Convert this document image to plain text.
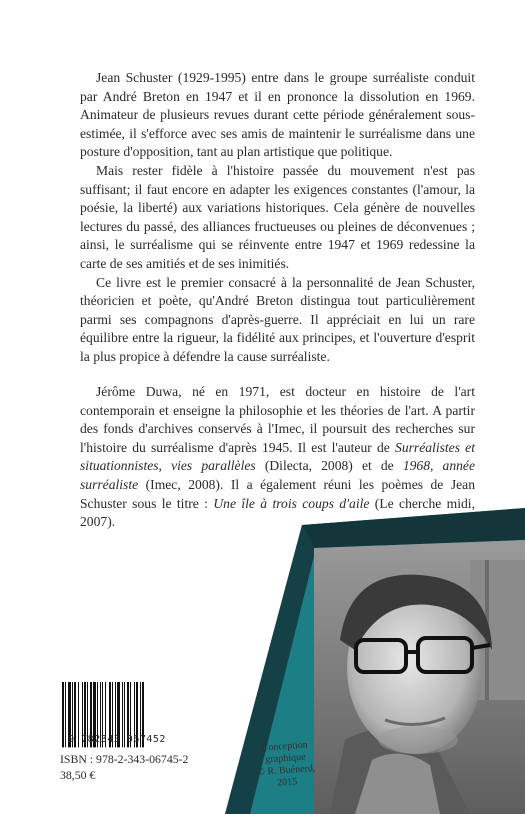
Jean Schuster (1929-1995) entre dans le groupe surréaliste conduit par André Breton en 1947 et il en prononce la dissolution en 1969. Animateur de plusieurs revues durant cette période généralement sous-estimée, il s'efforce avec ses amis de maintenir le surréalisme dans une posture d'opposition, tant au plan artistique que politique.

Mais rester fidèle à l'histoire passée du mouvement n'est pas suffisant; il faut encore en adapter les exigences constantes (l'amour, la poésie, la liberté) aux variations historiques. Cela génère de nouvelles lectures du passé, des alliances fructueuses ou pleines de déconvenues ; ainsi, le surréalisme qui se réinvente entre 1947 et 1969 redessine la carte de ses amitiés et de ses inimitiés.

Ce livre est le premier consacré à la personnalité de Jean Schuster, théoricien et poète, qu'André Breton distingua tout particulièrement parmi ses compagnons d'après-guerre. Il appréciait en lui un rare équilibre entre la rigueur, la fidélité aux principes, et l'ouverture d'esprit la plus propice à défendre la cause surréaliste.

Jérôme Duwa, né en 1971, est docteur en histoire de l'art contemporain et enseigne la philosophie et les théories de l'art. A partir des fonds d'archives conservés à l'Imec, il poursuit des recherches sur l'histoire du surréalisme d'après 1945. Il est l'auteur de Surréalistes et situationnistes, vies parallèles (Dilecta, 2008) et de 1968, année surréaliste (Imec, 2008). Il a également réuni les poèmes de Jean Schuster sous le titre : Une île à trois coups d'aile (Le cherche midi, 2007).

Conception
graphique
© R. Buénerd,
2015
9 782343 067452
ISBN : 978-2-343-06745-2
38,50 €
